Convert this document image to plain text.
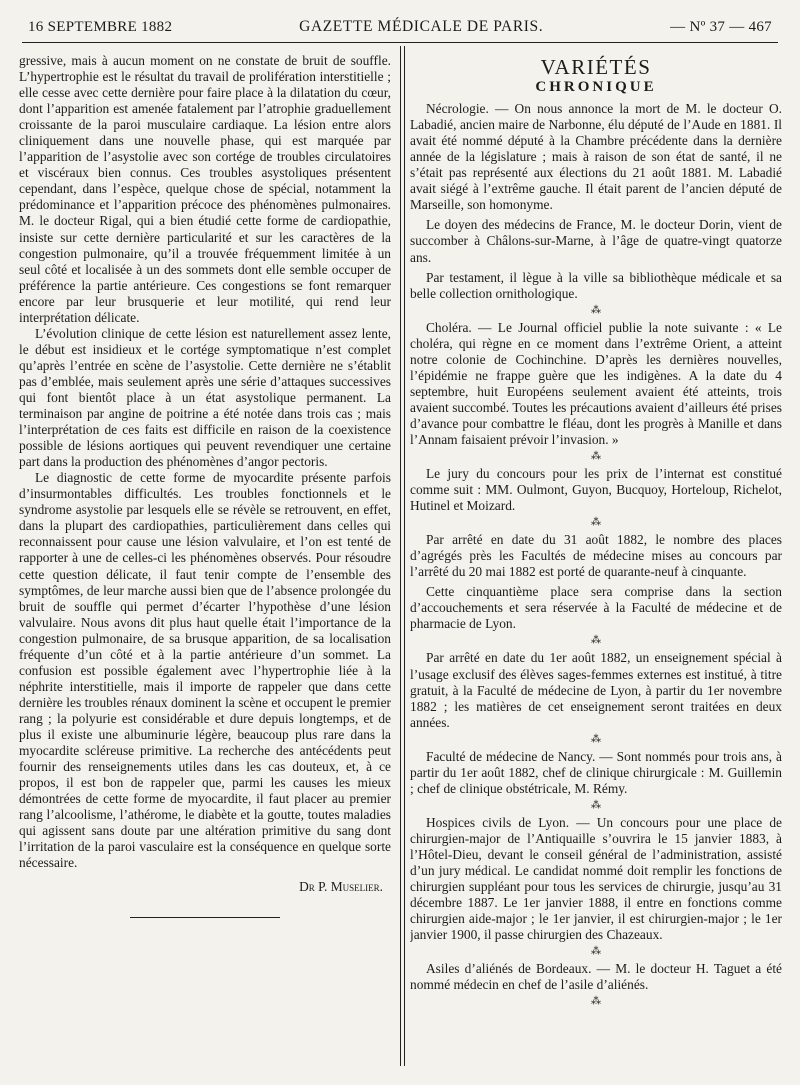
16 SEPTEMBRE 1882	GAZETTE MÉDICALE DE PARIS.	— Nº 37 — 467

gressive, mais à aucun moment on ne constate de bruit de souffle. L’hypertrophie est le résultat du travail de prolifération interstitielle ; elle cesse avec cette dernière pour faire place à la dilatation du cœur, dont l’apparition est amenée fatalement par l’atrophie graduellement croissante de la paroi musculaire cardiaque. La lésion entre alors cliniquement dans une nouvelle phase, qui est marquée par l’apparition de l’asystolie avec son cortége de troubles circulatoires et viscéraux bien connus. Ces troubles asystoliques présentent cependant, dans l’espèce, quelque chose de spécial, notamment la prédominance et l’apparition précoce des phénomènes pulmonaires. M. le docteur Rigal, qui a bien étudié cette forme de cardiopathie, insiste sur cette dernière particularité et sur les caractères de la congestion pulmonaire, qu’il a trouvée fréquemment limitée à un seul côté et localisée à un des sommets dont elle semble occuper de préférence la partie antérieure. Ces congestions se font remarquer encore par leur brusquerie et leur motilité, qui rend leur interprétation délicate.

L’évolution clinique de cette lésion est naturellement assez lente, le début est insidieux et le cortége symptomatique n’est complet qu’après l’entrée en scène de l’asystolie. Cette dernière ne s’établit pas d’emblée, mais seulement après une série d’attaques successives qui font bientôt place à un état asystolique permanent. La terminaison par angine de poitrine a été notée dans trois cas ; mais l’interprétation de ces faits est difficile en raison de la coexistence possible de lésions aortiques qui peuvent revendiquer une certaine part dans la production des phénomènes d’angor pectoris.

Le diagnostic de cette forme de myocardite présente parfois d’insurmontables difficultés. Les troubles fonctionnels et le syndrome asystolie par lesquels elle se révèle se retrouvent, en effet, dans la plupart des cardiopathies, particulièrement dans celles qui reconnaissent pour cause une lésion valvulaire, et l’on est tenté de rapporter à une de celles-ci les phénomènes observés. Pour résoudre cette question délicate, il faut tenir compte de l’ensemble des symptômes, de leur marche aussi bien que de l’absence prolongée du bruit de souffle qui permet d’écarter l’hypothèse d’une lésion valvulaire. Nous avons dit plus haut quelle était l’importance de la congestion pulmonaire, de sa brusque apparition, de sa localisation fréquente d’un côté et à la partie antérieure d’un sommet. La confusion est possible également avec l’hypertrophie liée à la néphrite interstitielle, mais il importe de rappeler que dans cette dernière les troubles rénaux dominent la scène et occupent le premier rang ; la polyurie est considérable et dure depuis longtemps, et de plus il existe une albuminurie légère, beaucoup plus rare dans la myocardite scléreuse primitive. La recherche des antécédents peut fournir des renseignements utiles dans les cas douteux, et, à ce propos, il est bon de rappeler que, parmi les causes les mieux démontrées de cette forme de myocardite, il faut placer au premier rang l’alcoolisme, l’athérome, le diabète et la goutte, toutes maladies qui agissent sans doute par une altération primitive du sang dont l’irritation de la paroi vasculaire est la conséquence en quelque sorte nécessaire.

Dr P. Muselier.
VARIÉTÉS
CHRONIQUE

Nécrologie. — On nous annonce la mort de M. le docteur O. Labadié, ancien maire de Narbonne, élu député de l’Aude en 1881. Il avait été nommé député à la Chambre précédente dans la dernière année de la législature ; mais à raison de son état de santé, il ne s’était pas représenté aux élections du 21 août 1881. M. Labadié avait siégé à l’extrême gauche. Il était parent de l’ancien député de Marseille, son homonyme.

Le doyen des médecins de France, M. le docteur Dorin, vient de succomber à Châlons-sur-Marne, à l’âge de quatre-vingt quatorze ans.

Par testament, il lègue à la ville sa bibliothèque médicale et sa belle collection ornithologique.

⁂

Choléra. — Le Journal officiel publie la note suivante : « Le choléra, qui règne en ce moment dans l’extrême Orient, a atteint notre colonie de Cochinchine. D’après les dernières nouvelles, l’épidémie ne frappe guère que les indigènes. A la date du 4 septembre, huit Européens seulement avaient été atteints, trois avaient succombé. Toutes les précautions avaient d’ailleurs été prises d’avance pour combattre le fléau, dont les progrès à Manille et dans l’Annam faisaient prévoir l’invasion. »

⁂

Le jury du concours pour les prix de l’internat est constitué comme suit : MM. Oulmont, Guyon, Bucquoy, Horteloup, Richelot, Hutinel et Moizard.

⁂

Par arrêté en date du 31 août 1882, le nombre des places d’agrégés près les Facultés de médecine mises au concours par l’arrêté du 20 mai 1882 est porté de quarante-neuf à cinquante.

Cette cinquantième place sera comprise dans la section d’accouchements et sera réservée à la Faculté de médecine et de pharmacie de Lyon.

⁂

Par arrêté en date du 1er août 1882, un enseignement spécial à l’usage exclusif des élèves sages-femmes externes est institué, à titre gratuit, à la Faculté de médecine de Lyon, à partir du 1er novembre 1882 ; les matières de cet enseignement seront traitées en deux années.

⁂

Faculté de médecine de Nancy. — Sont nommés pour trois ans, à partir du 1er août 1882, chef de clinique chirurgicale : M. Guillemin ; chef de clinique obstétricale, M. Rémy.

⁂

Hospices civils de Lyon. — Un concours pour une place de chirurgien-major de l’Antiquaille s’ouvrira le 15 janvier 1883, à l’Hôtel-Dieu, devant le conseil général de l’administration, assisté d’un jury médical. Le candidat nommé doit remplir les fonctions de chirurgien suppléant pour tous les services de chirurgie, jusqu’au 31 décembre 1887. Le 1er janvier 1888, il entre en fonctions comme chirurgien aide-major ; le 1er janvier, il est chirurgien-major ; le 1er janvier 1900, il passe chirurgien des Chazeaux.

⁂

Asiles d’aliénés de Bordeaux. — M. le docteur H. Taguet a été nommé médecin en chef de l’asile d’aliénés.

⁂
